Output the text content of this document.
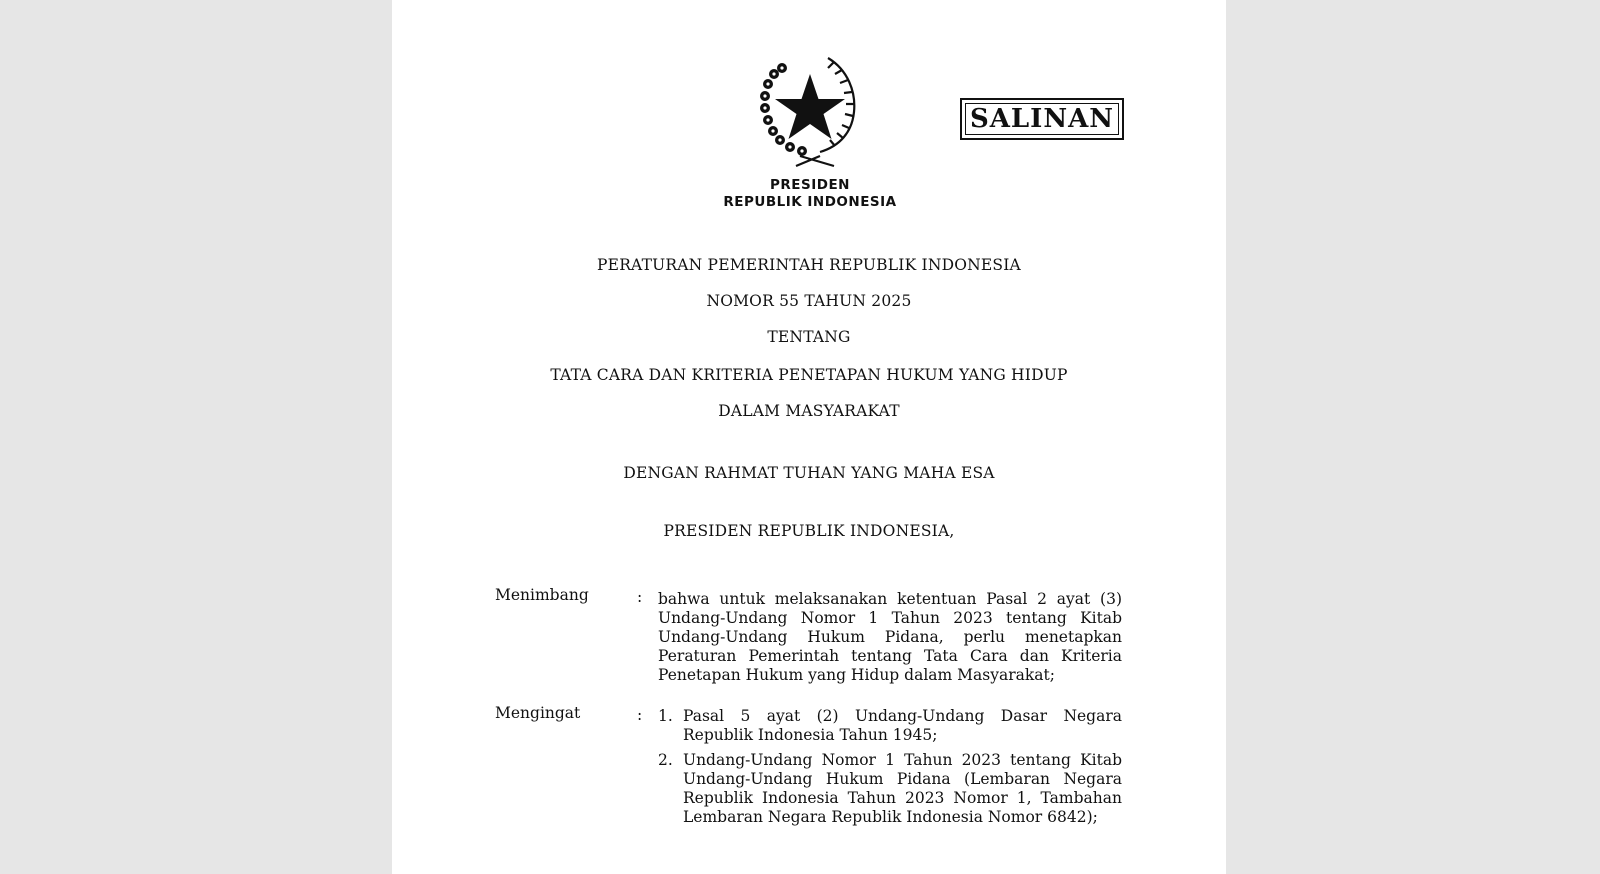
SALINAN
PRESIDEN
REPUBLIK INDONESIA
PERATURAN PEMERINTAH REPUBLIK INDONESIA
NOMOR 55 TAHUN 2025
TENTANG
TATA CARA DAN KRITERIA PENETAPAN HUKUM YANG HIDUP
DALAM MASYARAKAT
DENGAN RAHMAT TUHAN YANG MAHA ESA
PRESIDEN REPUBLIK INDONESIA,
Menimbang	: bahwa untuk melaksanakan ketentuan Pasal 2 ayat (3) Undang-Undang Nomor 1 Tahun 2023 tentang Kitab Undang-Undang Hukum Pidana, perlu menetapkan Peraturan Pemerintah tentang Tata Cara dan Kriteria Penetapan Hukum yang Hidup dalam Masyarakat;
Mengingat	: 1. Pasal 5 ayat (2) Undang-Undang Dasar Negara Republik Indonesia Tahun 1945;
2. Undang-Undang Nomor 1 Tahun 2023 tentang Kitab Undang-Undang Hukum Pidana (Lembaran Negara Republik Indonesia Tahun 2023 Nomor 1, Tambahan Lembaran Negara Republik Indonesia Nomor 6842);
